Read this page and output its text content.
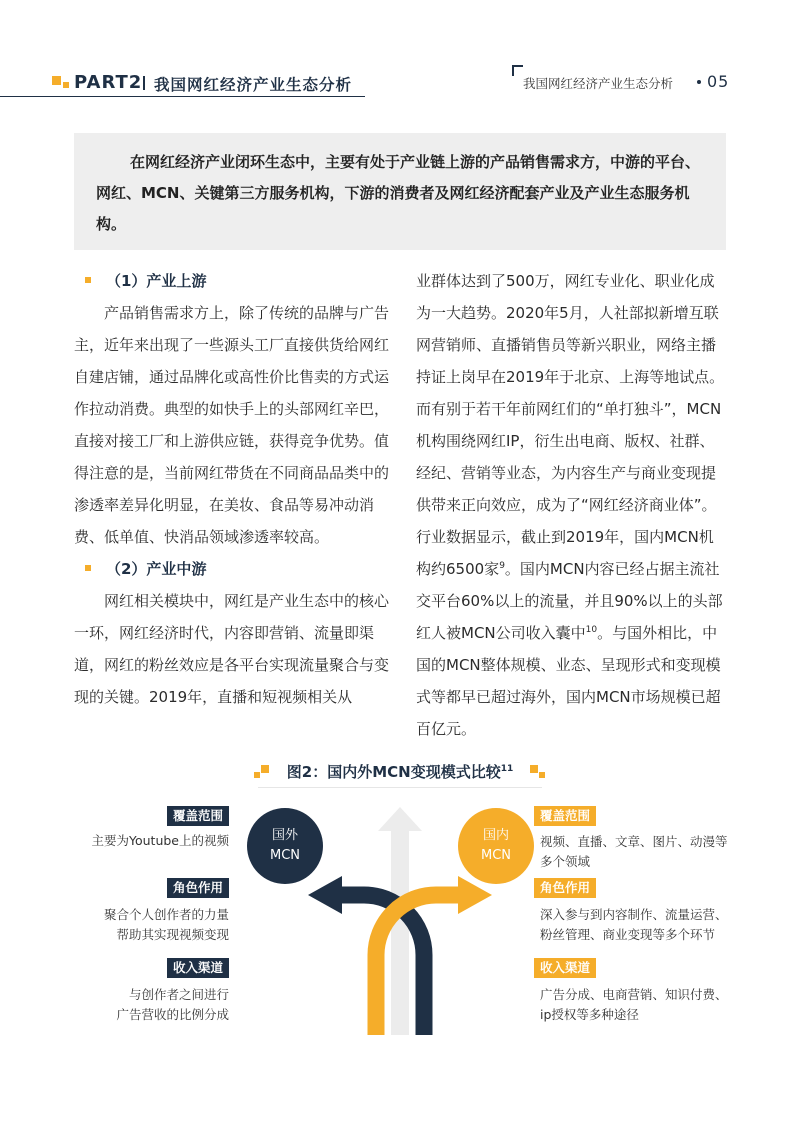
PART2 我国网红经济产业生态分析	我国网红经济产业生态分析 05

在网红经济产业闭环生态中，主要有处于产业链上游的产品销售需求方，中游的平台、网红、MCN、关键第三方服务机构，下游的消费者及网红经济配套产业及产业生态服务机构。

（1）产业上游

产品销售需求方上，除了传统的品牌与广告主，近年来出现了一些源头工厂直接供货给网红自建店铺，通过品牌化或高性价比售卖的方式运作拉动消费。典型的如快手上的头部网红辛巴，直接对接工厂和上游供应链，获得竞争优势。值得注意的是，当前网红带货在不同商品品类中的渗透率差异化明显，在美妆、食品等易冲动消费、低单值、快消品领域渗透率较高。

（2）产业中游

网红相关模块中，网红是产业生态中的核心一环，网红经济时代，内容即营销、流量即渠道，网红的粉丝效应是各平台实现流量聚合与变现的关键。2019年，直播和短视频相关从

业群体达到了500万，网红专业化、职业化成为一大趋势。2020年5月，人社部拟新增互联网营销师、直播销售员等新兴职业，网络主播持证上岗早在2019年于北京、上海等地试点。而有别于若干年前网红们的“单打独斗”，MCN机构围绕网红IP，衍生出电商、版权、社群、经纪、营销等业态，为内容生产与商业变现提供带来正向效应，成为了“网红经济商业体”。行业数据显示，截止到2019年，国内MCN机构约6500家$^9$。国内MCN内容已经占据主流社交平台60%以上的流量，并且90%以上的头部红人被MCN公司收入囊中$^{10}$。与国外相比，中国的MCN整体规模、业态、呈现形式和变现模式等都早已超过海外，国内MCN市场规模已超百亿元。

图2：国内外MCN变现模式比较$^{11}$
国外
MCN
国内
MCN
覆盖范围
主要为Youtube上的视频
角色作用
聚合个人创作者的力量
帮助其实现视频变现
收入渠道
与创作者之间进行
广告营收的比例分成
覆盖范围
视频、直播、文章、图片、动漫等
多个领域
角色作用
深入参与到内容制作、流量运营、
粉丝管理、商业变现等多个环节
收入渠道
广告分成、电商营销、知识付费、
ip授权等多种途径
